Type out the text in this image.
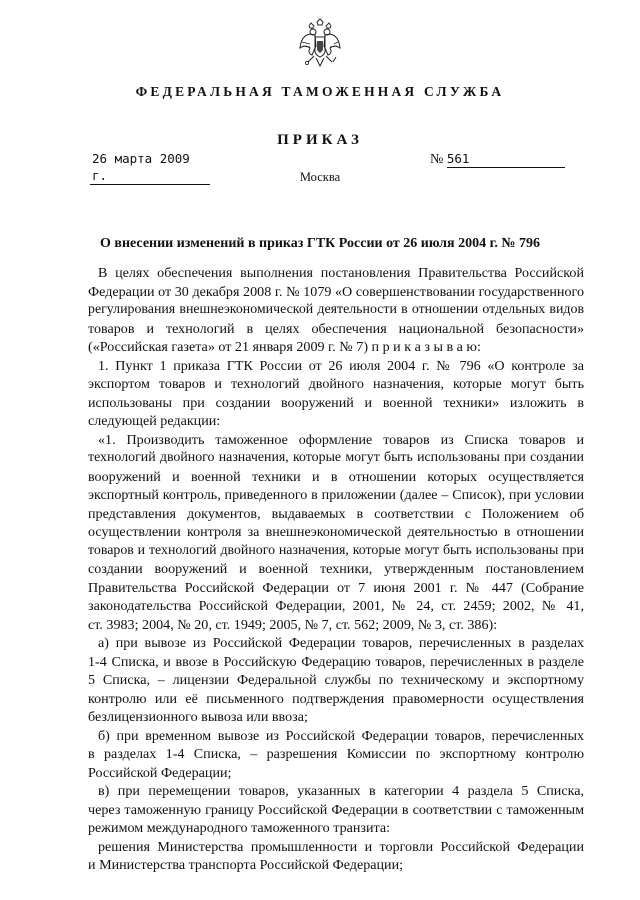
ФЕДЕРАЛЬНАЯ ТАМОЖЕННАЯ СЛУЖБА
ПРИКАЗ
26 марта 2009 г.
№ 561
Москва
О внесении изменений в приказ ГТК России от 26 июля 2004 г. № 796
В целях обеспечения выполнения постановления Правительства Российской
Федерации от 30 декабря 2008 г. № 1079 «О совершенствовании государственного
регулирования внешнеэкономической деятельности в отношении отдельных видов
товаров и технологий в целях обеспечения национальной безопасности»
(«Российская газета» от 21 января 2009 г. № 7) п р и к а з ы в а ю:
1. Пункт 1 приказа ГТК России от 26 июля 2004 г. № 796 «О контроле за
экспортом товаров и технологий двойного назначения, которые могут быть
использованы при создании вооружений и военной техники» изложить в
следующей редакции:
«1. Производить таможенное оформление товаров из Списка товаров и
технологий двойного назначения, которые могут быть использованы при создании
вооружений и военной техники и в отношении которых осуществляется
экспортный контроль, приведенного в приложении (далее – Список), при условии
представления документов, выдаваемых в соответствии с Положением об
осуществлении контроля за внешнеэкономической деятельностью в отношении
товаров и технологий двойного назначения, которые могут быть использованы при
создании вооружений и военной техники, утвержденным постановлением
Правительства Российской Федерации от 7 июня 2001 г. № 447 (Собрание
законодательства Российской Федерации, 2001, № 24, ст. 2459; 2002, № 41,
ст. 3983; 2004, № 20, ст. 1949; 2005, № 7, ст. 562; 2009, № 3, ст. 386):
а) при вывозе из Российской Федерации товаров, перечисленных в разделах
1-4 Списка, и ввозе в Российскую Федерацию товаров, перечисленных в разделе
5 Списка, – лицензии Федеральной службы по техническому и экспортному
контролю или её письменного подтверждения правомерности осуществления
безлицензионного вывоза или ввоза;
б) при временном вывозе из Российской Федерации товаров, перечисленных
в разделах 1-4 Списка, – разрешения Комиссии по экспортному контролю
Российской Федерации;
в) при перемещении товаров, указанных в категории 4 раздела 5 Списка,
через таможенную границу Российской Федерации в соответствии с таможенным
режимом международного таможенного транзита:
решения Министерства промышленности и торговли Российской Федерации
и Министерства транспорта Российской Федерации;
